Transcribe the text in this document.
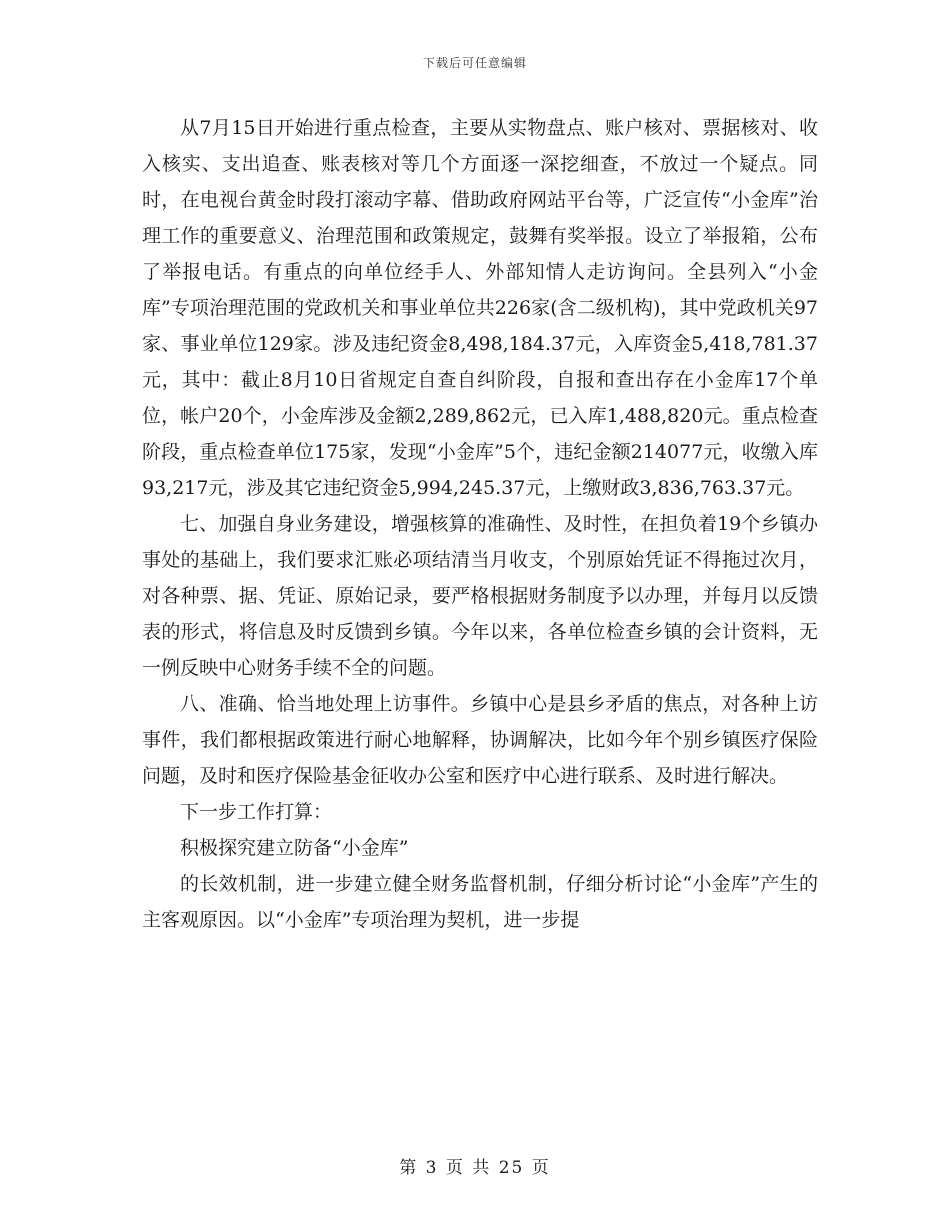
下载后可任意编辑

从7月15日开始进行重点检查，主要从实物盘点、账户核对、票据核对、收入核实、支出追查、账表核对等几个方面逐一深挖细查，不放过一个疑点。同时，在电视台黄金时段打滚动字幕、借助政府网站平台等，广泛宣传“小金库”治理工作的重要意义、治理范围和政策规定，鼓舞有奖举报。设立了举报箱，公布了举报电话。有重点的向单位经手人、外部知情人走访询问。全县列入“小金库”专项治理范围的党政机关和事业单位共226家(含二级机构)，其中党政机关97家、事业单位129家。涉及违纪资金8,498,184.37元，入库资金5,418,781.37元，其中：截止8月10日省规定自查自纠阶段，自报和查出存在小金库17个单位，帐户20个，小金库涉及金额2,289,862元，已入库1,488,820元。重点检查阶段，重点检查单位175家，发现“小金库”5个，违纪金额214077元，收缴入库93,217元，涉及其它违纪资金5,994,245.37元，上缴财政3,836,763.37元。

七、加强自身业务建设，增强核算的准确性、及时性，在担负着19个乡镇办事处的基础上，我们要求汇账必项结清当月收支，个别原始凭证不得拖过次月，对各种票、据、凭证、原始记录，要严格根据财务制度予以办理，并每月以反馈表的形式，将信息及时反馈到乡镇。今年以来，各单位检查乡镇的会计资料，无一例反映中心财务手续不全的问题。

八、准确、恰当地处理上访事件。乡镇中心是县乡矛盾的焦点，对各种上访事件，我们都根据政策进行耐心地解释，协调解决，比如今年个别乡镇医疗保险问题，及时和医疗保险基金征收办公室和医疗中心进行联系、及时进行解决。

下一步工作打算：

积极探究建立防备“小金库”

的长效机制，进一步建立健全财务监督机制，仔细分析讨论“小金库”产生的主客观原因。以“小金库”专项治理为契机，进一步提

第 3 页 共 25 页
